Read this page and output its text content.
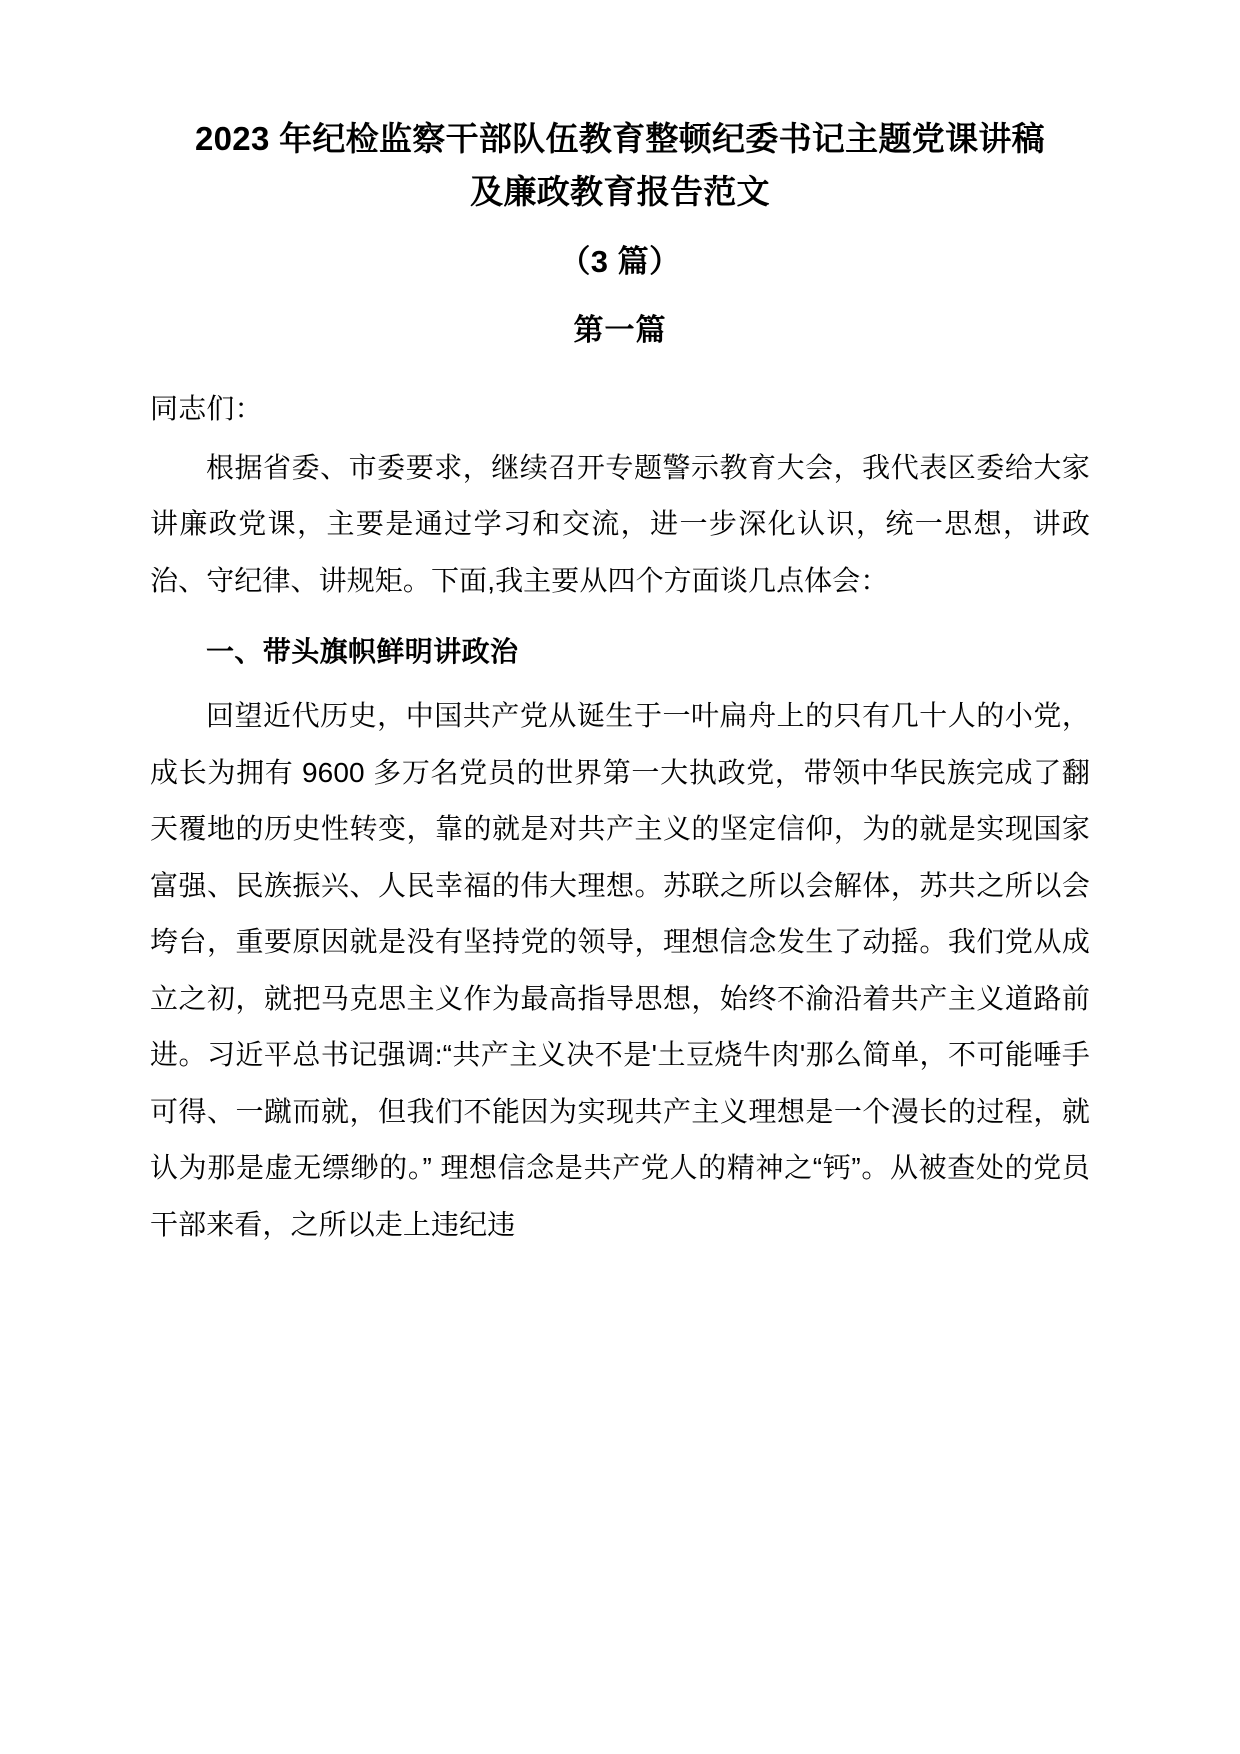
2023 年纪检监察干部队伍教育整顿纪委书记主题党课讲稿
及廉政教育报告范文
（3 篇）
第一篇

同志们：

根据省委、市委要求，继续召开专题警示教育大会，我代表区委给大家讲廉政党课，主要是通过学习和交流，进一步深化认识，统一思想，讲政治、守纪律、讲规矩。下面,我主要从四个方面谈几点体会：

一、带头旗帜鲜明讲政治

回望近代历史，中国共产党从诞生于一叶扁舟上的只有几十人的小党，成长为拥有 9600 多万名党员的世界第一大执政党，带领中华民族完成了翻天覆地的历史性转变，靠的就是对共产主义的坚定信仰，为的就是实现国家富强、民族振兴、人民幸福的伟大理想。苏联之所以会解体，苏共之所以会垮台，重要原因就是没有坚持党的领导，理想信念发生了动摇。我们党从成立之初，就把马克思主义作为最高指导思想，始终不渝沿着共产主义道路前进。习近平总书记强调:“共产主义决不是'土豆烧牛肉'那么简单，不可能唾手可得、一蹴而就，但我们不能因为实现共产主义理想是一个漫长的过程，就认为那是虚无缥缈的。” 理想信念是共产党人的精神之“钙”。从被查处的党员干部来看，之所以走上违纪违
